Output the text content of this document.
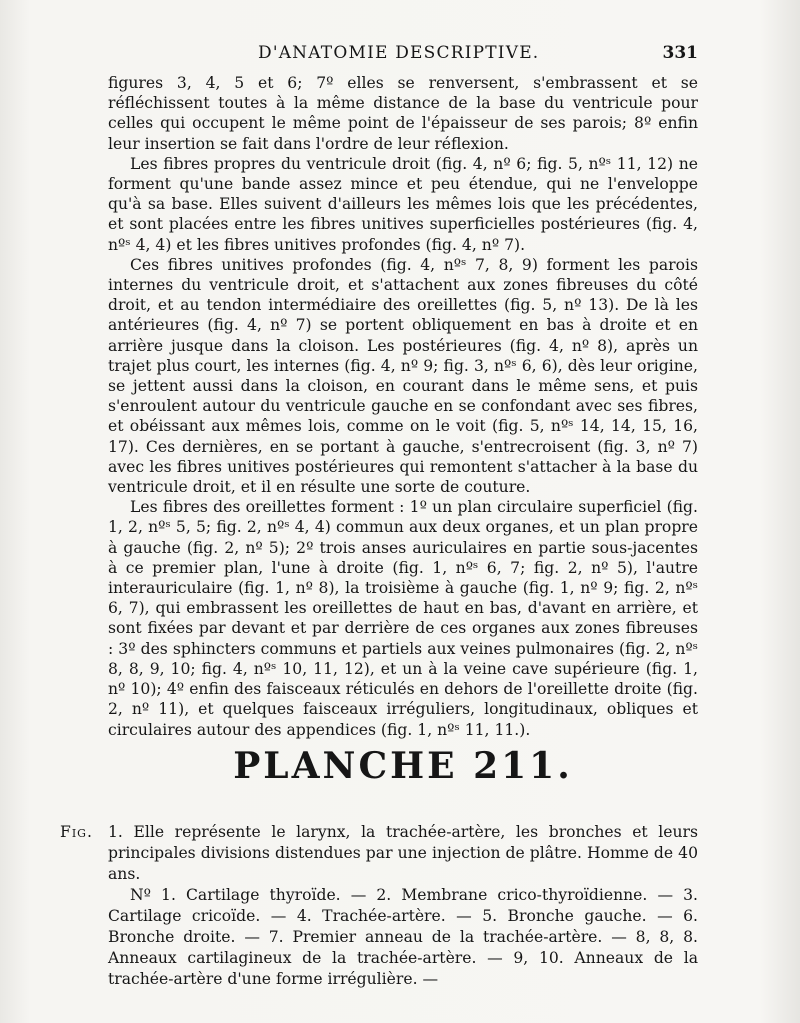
D'ANATOMIE DESCRIPTIVE.	331

figures 3, 4, 5 et 6; 7º elles se renversent, s'embrassent et se réfléchissent toutes à la même distance de la base du ventricule pour celles qui occupent le même point de l'épaisseur de ses parois; 8º enfin leur insertion se fait dans l'ordre de leur réflexion.

Les fibres propres du ventricule droit (fig. 4, nº 6; fig. 5, nºˢ 11, 12) ne forment qu'une bande assez mince et peu étendue, qui ne l'enveloppe qu'à sa base. Elles suivent d'ailleurs les mêmes lois que les précédentes, et sont placées entre les fibres unitives superficielles postérieures (fig. 4, nºˢ 4, 4) et les fibres unitives profondes (fig. 4, nº 7).

Ces fibres unitives profondes (fig. 4, nºˢ 7, 8, 9) forment les parois internes du ventricule droit, et s'attachent aux zones fibreuses du côté droit, et au tendon intermédiaire des oreillettes (fig. 5, nº 13). De là les antérieures (fig. 4, nº 7) se portent obliquement en bas à droite et en arrière jusque dans la cloison. Les postérieures (fig. 4, nº 8), après un trajet plus court, les internes (fig. 4, nº 9; fig. 3, nºˢ 6, 6), dès leur origine, se jettent aussi dans la cloison, en courant dans le même sens, et puis s'enroulent autour du ventricule gauche en se confondant avec ses fibres, et obéissant aux mêmes lois, comme on le voit (fig. 5, nºˢ 14, 14, 15, 16, 17). Ces dernières, en se portant à gauche, s'entrecroisent (fig. 3, nº 7) avec les fibres unitives postérieures qui remontent s'attacher à la base du ventricule droit, et il en résulte une sorte de couture.

Les fibres des oreillettes forment : 1º un plan circulaire superficiel (fig. 1, 2, nºˢ 5, 5; fig. 2, nºˢ 4, 4) commun aux deux organes, et un plan propre à gauche (fig. 2, nº 5); 2º trois anses auriculaires en partie sous-jacentes à ce premier plan, l'une à droite (fig. 1, nºˢ 6, 7; fig. 2, nº 5), l'autre interauriculaire (fig. 1, nº 8), la troisième à gauche (fig. 1, nº 9; fig. 2, nºˢ 6, 7), qui embrassent les oreillettes de haut en bas, d'avant en arrière, et sont fixées par devant et par derrière de ces organes aux zones fibreuses : 3º des sphincters communs et partiels aux veines pulmonaires (fig. 2, nºˢ 8, 8, 9, 10; fig. 4, nºˢ 10, 11, 12), et un à la veine cave supérieure (fig. 1, nº 10); 4º enfin des faisceaux réticulés en dehors de l'oreillette droite (fig. 2, nº 11), et quelques faisceaux irréguliers, longitudinaux, obliques et circulaires autour des appendices (fig. 1, nºˢ 11, 11.).

PLANCHE 211.
Fig. 1. Elle représente le larynx, la trachée-artère, les bronches et leurs principales divisions distendues par une injection de plâtre. Homme de 40 ans.

Nº 1. Cartilage thyroïde. — 2. Membrane crico-thyroïdienne. — 3. Cartilage cricoïde. — 4. Trachée-artère. — 5. Bronche gauche. — 6. Bronche droite. — 7. Premier anneau de la trachée-artère. — 8, 8, 8. Anneaux cartilagineux de la trachée-artère. — 9, 10. Anneaux de la trachée-artère d'une forme irrégulière. —
